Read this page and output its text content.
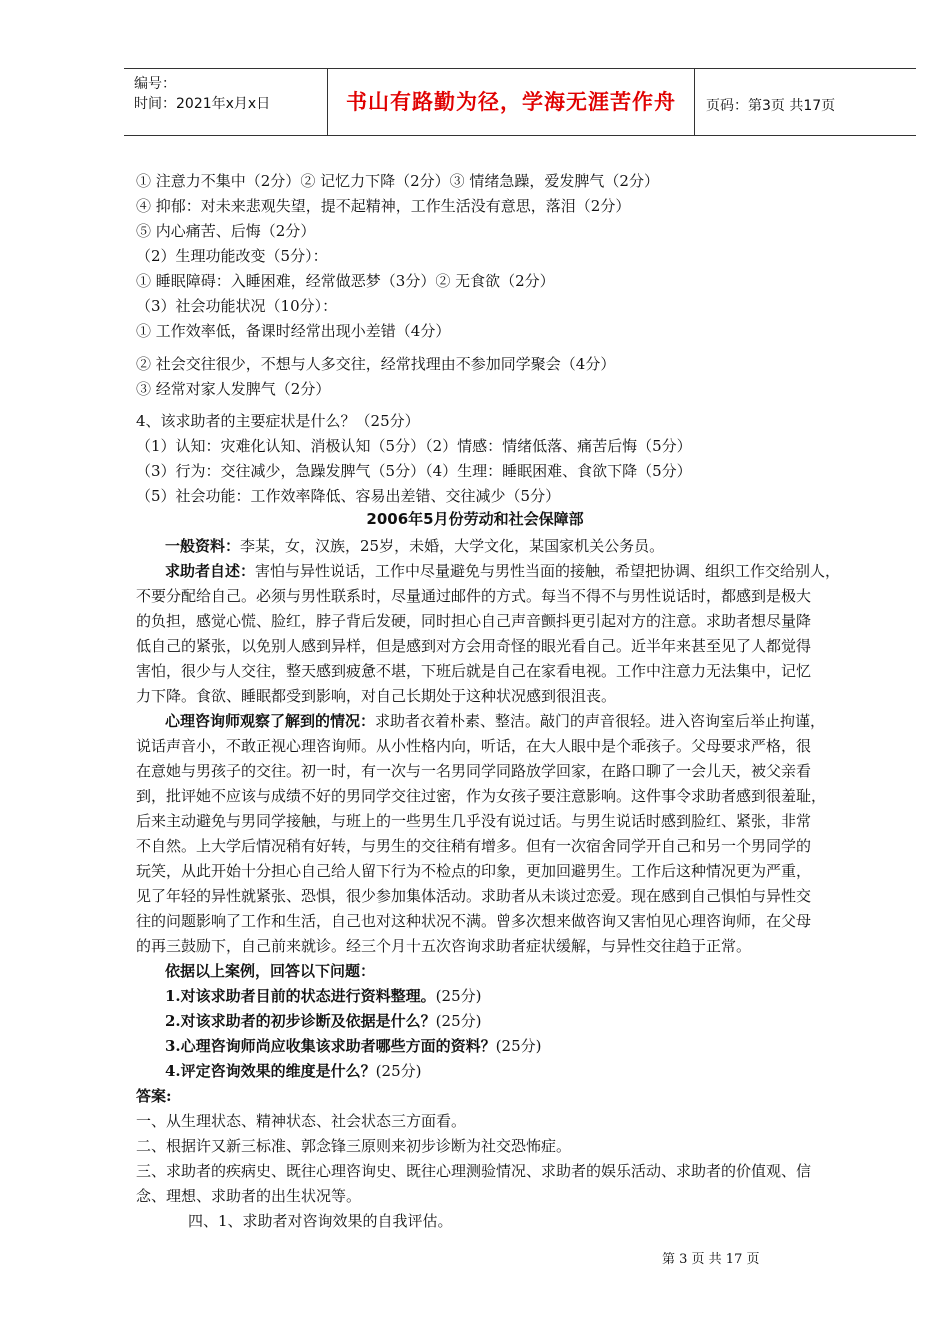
编号：
时间：2021年x月x日	书山有路勤为径，学海无涯苦作舟	页码：第3页 共17页
① 注意力不集中（2分）② 记忆力下降（2分）③ 情绪急躁，爱发脾气（2分）
④ 抑郁：对未来悲观失望，提不起精神，工作生活没有意思，落泪（2分）
⑤ 内心痛苦、后悔（2分）
（2）生理功能改变（5分）：
① 睡眠障碍：入睡困难，经常做恶梦（3分）② 无食欲（2分）
（3）社会功能状况（10分）：
① 工作效率低，备课时经常出现小差错（4分）
② 社会交往很少，不想与人多交往，经常找理由不参加同学聚会（4分）
③ 经常对家人发脾气（2分）
4、该求助者的主要症状是什么？（25分）
（1）认知：灾难化认知、消极认知（5分）（2）情感：情绪低落、痛苦后悔（5分）
（3）行为：交往减少，急躁发脾气（5分）（4）生理：睡眠困难、食欲下降（5分）
（5）社会功能：工作效率降低、容易出差错、交往减少（5分）
2006年5月份劳动和社会保障部
一般资料：李某，女，汉族，25岁，未婚，大学文化，某国家机关公务员。
求助者自述：害怕与异性说话，工作中尽量避免与男性当面的接触，希望把协调、组织工作交给别人，
不要分配给自己。必须与男性联系时，尽量通过邮件的方式。每当不得不与男性说话时，都感到是极大
的负担，感觉心慌、脸红，脖子背后发硬，同时担心自己声音颤抖更引起对方的注意。求助者想尽量降
低自己的紧张，以免别人感到异样，但是感到对方会用奇怪的眼光看自己。近半年来甚至见了人都觉得
害怕，很少与人交往，整天感到疲惫不堪，下班后就是自己在家看电视。工作中注意力无法集中，记忆
力下降。食欲、睡眠都受到影响，对自己长期处于这种状况感到很沮丧。
心理咨询师观察了解到的情况：求助者衣着朴素、整洁。敲门的声音很轻。进入咨询室后举止拘谨，
说话声音小，不敢正视心理咨询师。从小性格内向，听话，在大人眼中是个乖孩子。父母要求严格，很
在意她与男孩子的交往。初一时，有一次与一名男同学同路放学回家，在路口聊了一会儿天，被父亲看
到，批评她不应该与成绩不好的男同学交往过密，作为女孩子要注意影响。这件事令求助者感到很羞耻，
后来主动避免与男同学接触，与班上的一些男生几乎没有说过话。与男生说话时感到脸红、紧张，非常
不自然。上大学后情况稍有好转，与男生的交往稍有增多。但有一次宿舍同学开自己和另一个男同学的
玩笑，从此开始十分担心自己给人留下行为不检点的印象，更加回避男生。工作后这种情况更为严重，
见了年轻的异性就紧张、恐惧，很少参加集体活动。求助者从未谈过恋爱。现在感到自己惧怕与异性交
往的问题影响了工作和生活，自己也对这种状况不满。曾多次想来做咨询又害怕见心理咨询师，在父母
的再三鼓励下，自己前来就诊。经三个月十五次咨询求助者症状缓解，与异性交往趋于正常。
依据以上案例，回答以下问题：
1.对该求助者目前的状态进行资料整理。(25分)
2.对该求助者的初步诊断及依据是什么？(25分)
3.心理咨询师尚应收集该求助者哪些方面的资料？(25分)
4.评定咨询效果的维度是什么？(25分)
答案:
一、从生理状态、精神状态、社会状态三方面看。
二、根据许又新三标准、郭念锋三原则来初步诊断为社交恐怖症。
三、求助者的疾病史、既往心理咨询史、既往心理测验情况、求助者的娱乐活动、求助者的价值观、信
念、理想、求助者的出生状况等。
四、1、求助者对咨询效果的自我评估。
第 3 页 共 17 页
